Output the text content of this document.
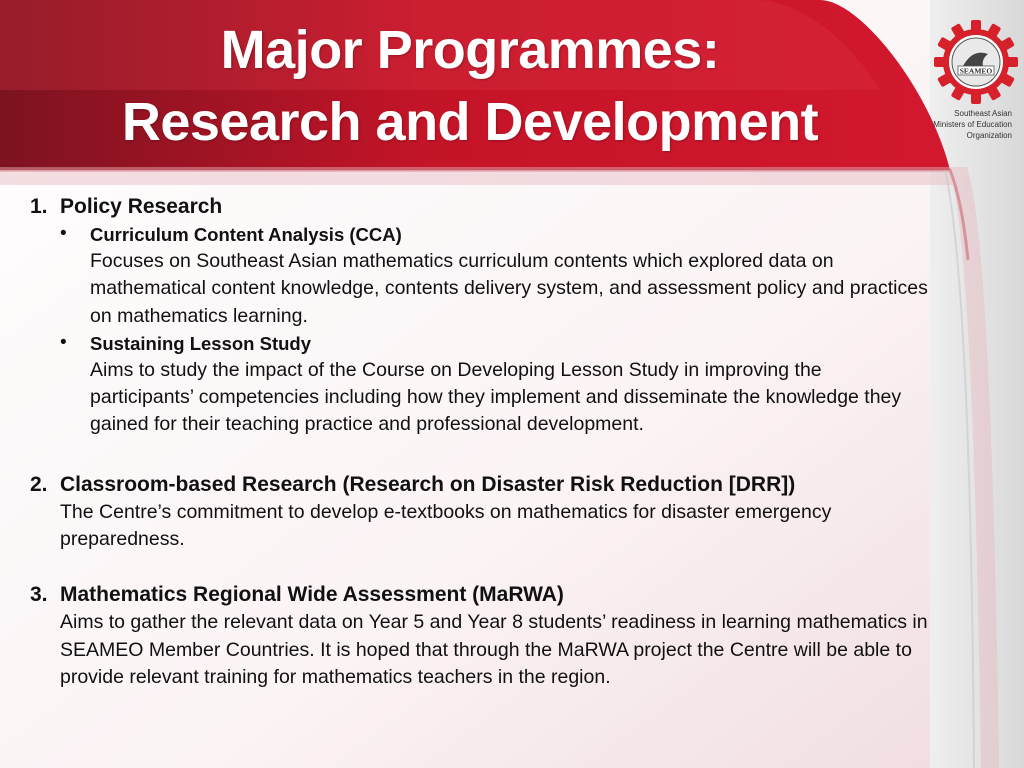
Major Programmes:
Research and Development
SEAMEO
Southeast Asian
Ministers of Education
Organization
1. Policy Research
• Curriculum Content Analysis (CCA)
Focuses on Southeast Asian mathematics curriculum contents which explored data on mathematical content knowledge, contents delivery system, and assessment policy and practices on mathematics learning.
• Sustaining Lesson Study
Aims to study the impact of the Course on Developing Lesson Study in improving the participants’ competencies including how they implement and disseminate the knowledge they gained for their teaching practice and professional development.
2. Classroom-based Research (Research on Disaster Risk Reduction [DRR])
The Centre’s commitment to develop e-textbooks on mathematics for disaster emergency preparedness.
3. Mathematics Regional Wide Assessment (MaRWA)
Aims to gather the relevant data on Year 5 and Year 8 students’ readiness in learning mathematics in SEAMEO Member Countries. It is hoped that through the MaRWA project the Centre will be able to provide relevant training for mathematics teachers in the region.
